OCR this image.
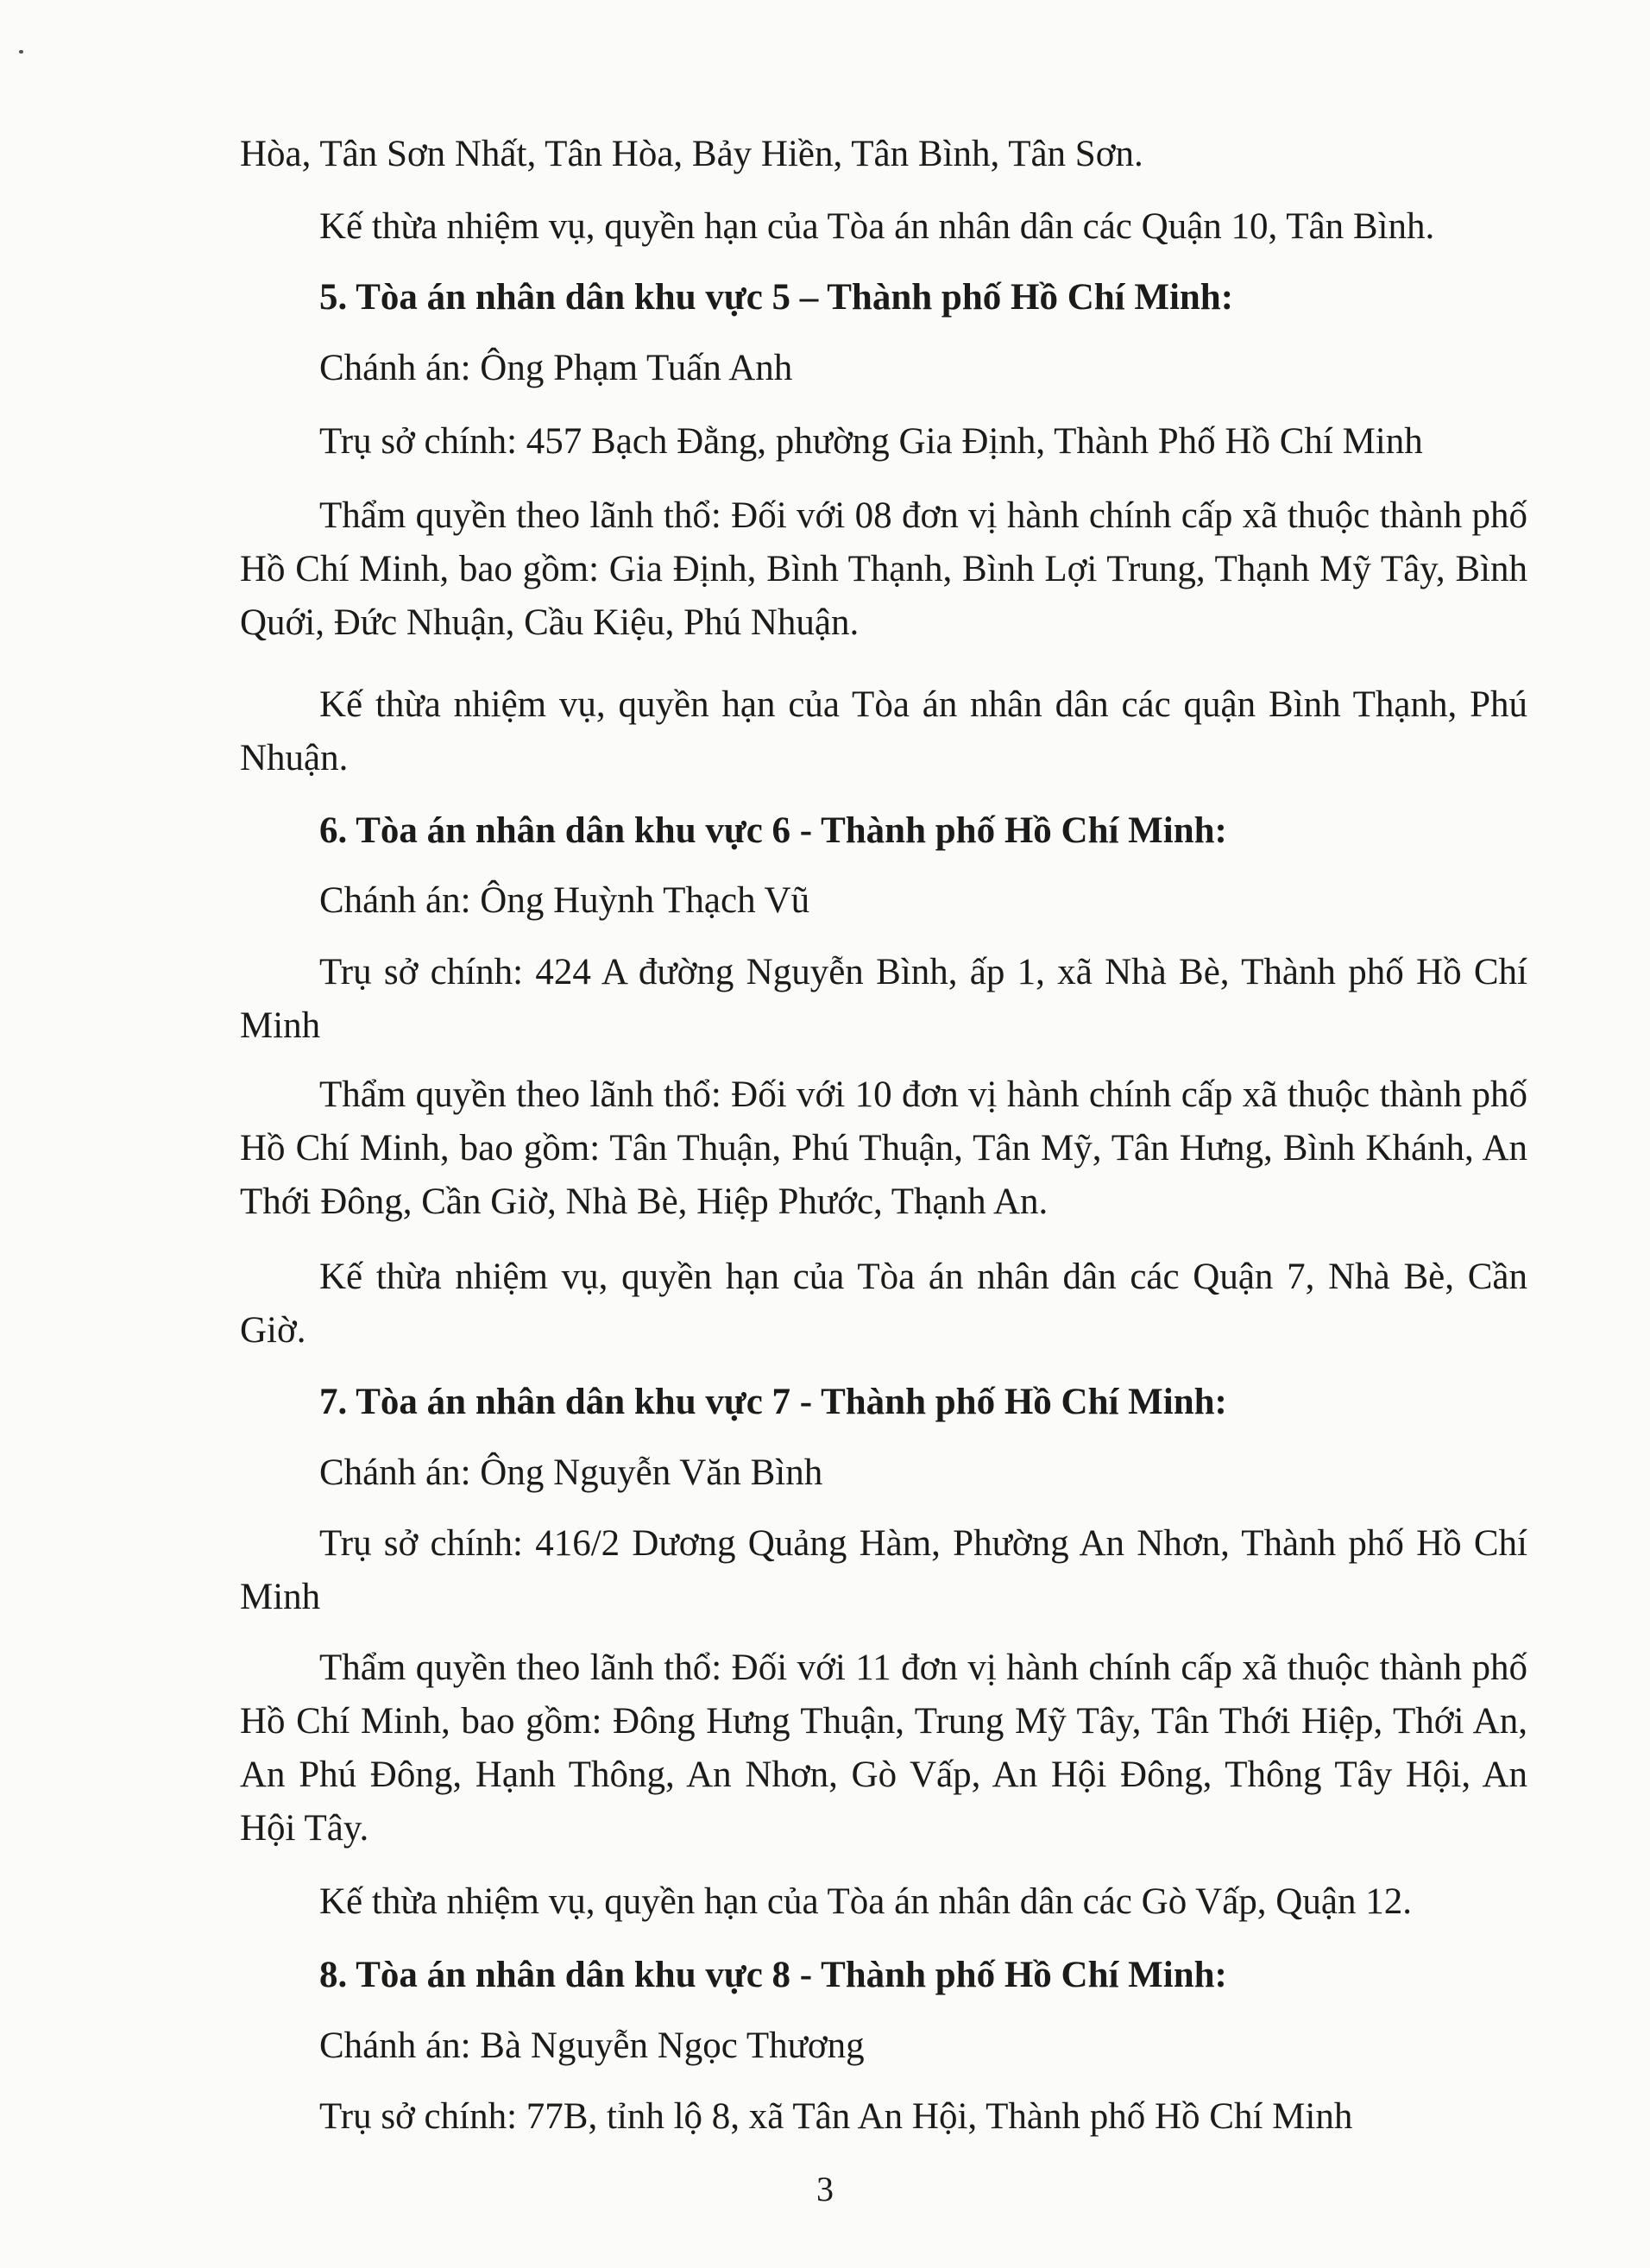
Hòa, Tân Sơn Nhất, Tân Hòa, Bảy Hiền, Tân Bình, Tân Sơn.

Kế thừa nhiệm vụ, quyền hạn của Tòa án nhân dân các Quận 10, Tân Bình.

5. Tòa án nhân dân khu vực 5 – Thành phố Hồ Chí Minh:

Chánh án: Ông Phạm Tuấn Anh

Trụ sở chính: 457 Bạch Đằng, phường Gia Định, Thành Phố Hồ Chí Minh

Thẩm quyền theo lãnh thổ: Đối với 08 đơn vị hành chính cấp xã thuộc thành phố Hồ Chí Minh, bao gồm: Gia Định, Bình Thạnh, Bình Lợi Trung, Thạnh Mỹ Tây, Bình Quới, Đức Nhuận, Cầu Kiệu, Phú Nhuận.

Kế thừa nhiệm vụ, quyền hạn của Tòa án nhân dân các quận Bình Thạnh, Phú Nhuận.

6. Tòa án nhân dân khu vực 6 - Thành phố Hồ Chí Minh:

Chánh án: Ông Huỳnh Thạch Vũ

Trụ sở chính: 424 A đường Nguyễn Bình, ấp 1, xã Nhà Bè, Thành phố Hồ Chí Minh

Thẩm quyền theo lãnh thổ: Đối với 10 đơn vị hành chính cấp xã thuộc thành phố Hồ Chí Minh, bao gồm: Tân Thuận, Phú Thuận, Tân Mỹ, Tân Hưng, Bình Khánh, An Thới Đông, Cần Giờ, Nhà Bè, Hiệp Phước, Thạnh An.

Kế thừa nhiệm vụ, quyền hạn của Tòa án nhân dân các Quận 7, Nhà Bè, Cần Giờ.

7. Tòa án nhân dân khu vực 7 - Thành phố Hồ Chí Minh:

Chánh án: Ông Nguyễn Văn Bình

Trụ sở chính: 416/2 Dương Quảng Hàm, Phường An Nhơn, Thành phố Hồ Chí Minh

Thẩm quyền theo lãnh thổ: Đối với 11 đơn vị hành chính cấp xã thuộc thành phố Hồ Chí Minh, bao gồm: Đông Hưng Thuận, Trung Mỹ Tây, Tân Thới Hiệp, Thới An, An Phú Đông, Hạnh Thông, An Nhơn, Gò Vấp, An Hội Đông, Thông Tây Hội, An Hội Tây.

Kế thừa nhiệm vụ, quyền hạn của Tòa án nhân dân các Gò Vấp, Quận 12.

8. Tòa án nhân dân khu vực 8 - Thành phố Hồ Chí Minh:

Chánh án: Bà Nguyễn Ngọc Thương

Trụ sở chính: 77B, tỉnh lộ 8, xã Tân An Hội, Thành phố Hồ Chí Minh

3
